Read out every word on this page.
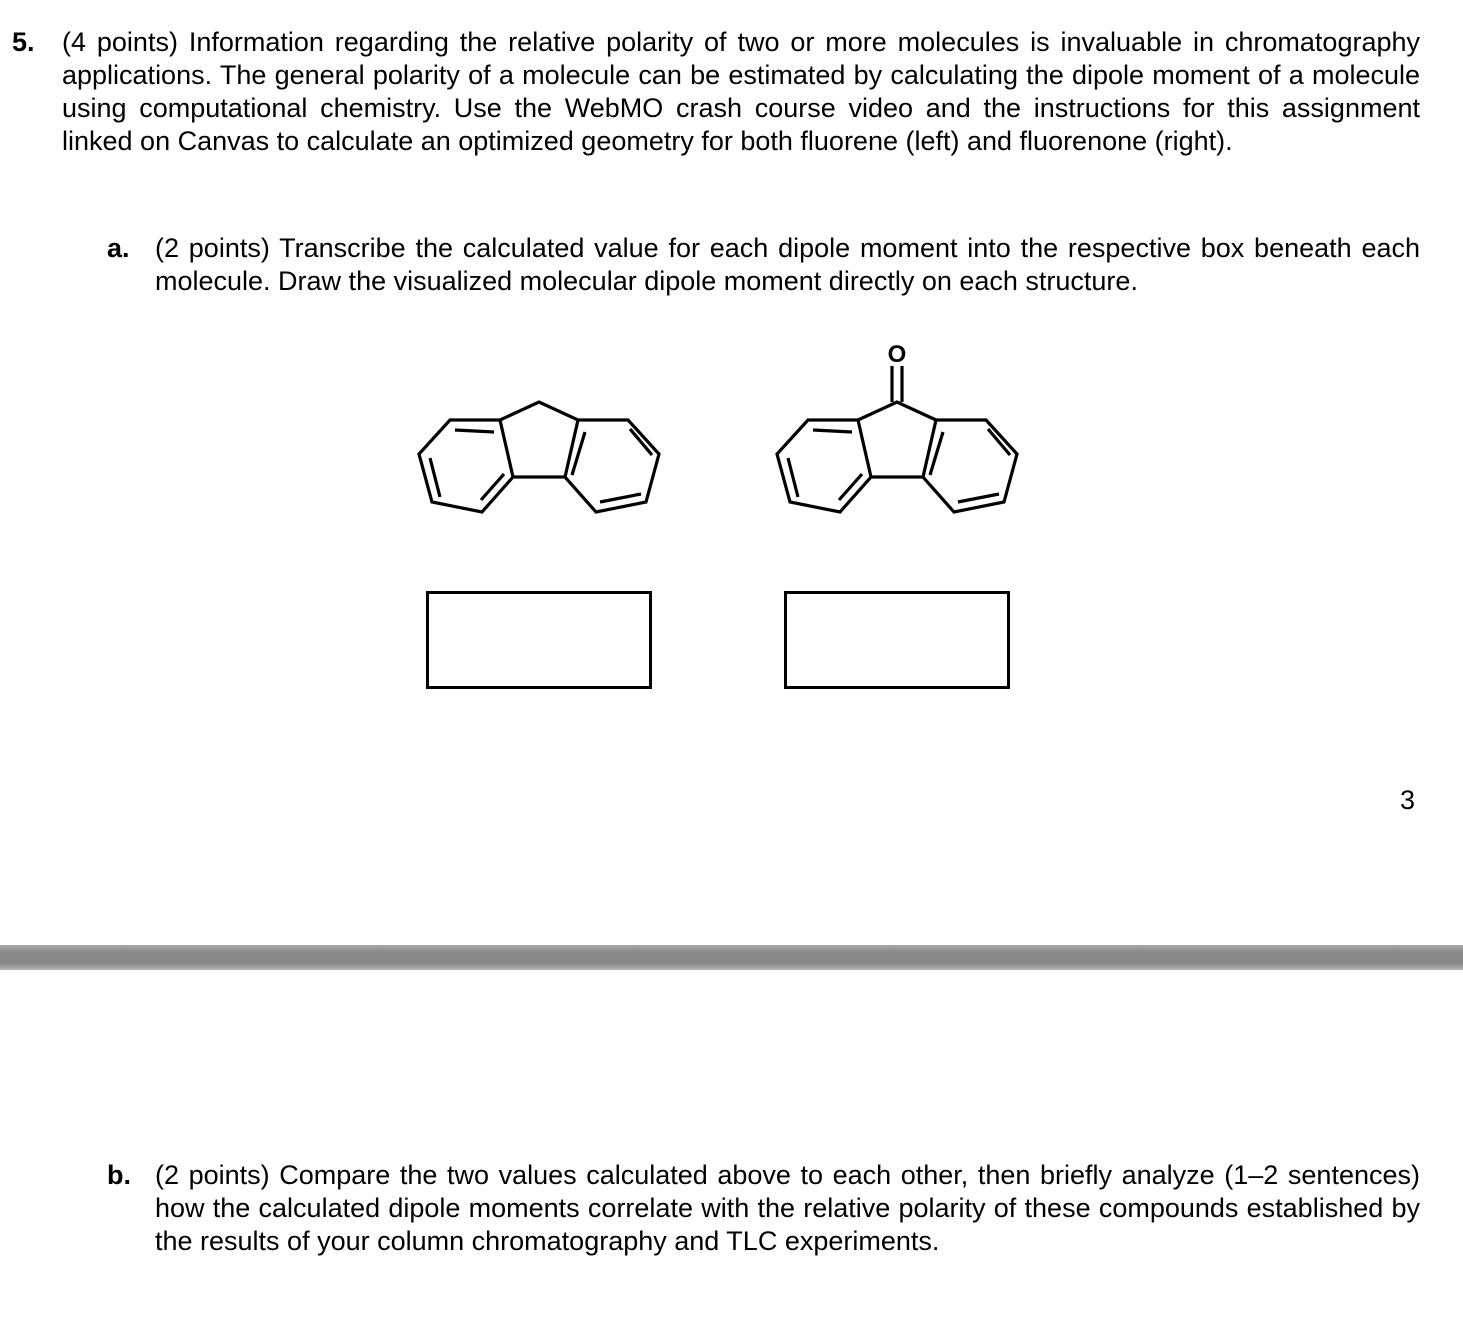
5. (4 points) Information regarding the relative polarity of two or more molecules is invaluable in chromatography applications. The general polarity of a molecule can be estimated by calculating the dipole moment of a molecule using computational chemistry. Use the WebMO crash course video and the instructions for this assignment linked on Canvas to calculate an optimized geometry for both fluorene (left) and fluorenone (right).
a. (2 points) Transcribe the calculated value for each dipole moment into the respective box beneath each molecule. Draw the visualized molecular dipole moment directly on each structure.
O
3
b. (2 points) Compare the two values calculated above to each other, then briefly analyze (1–2 sentences) how the calculated dipole moments correlate with the relative polarity of these compounds established by the results of your column chromatography and TLC experiments.
